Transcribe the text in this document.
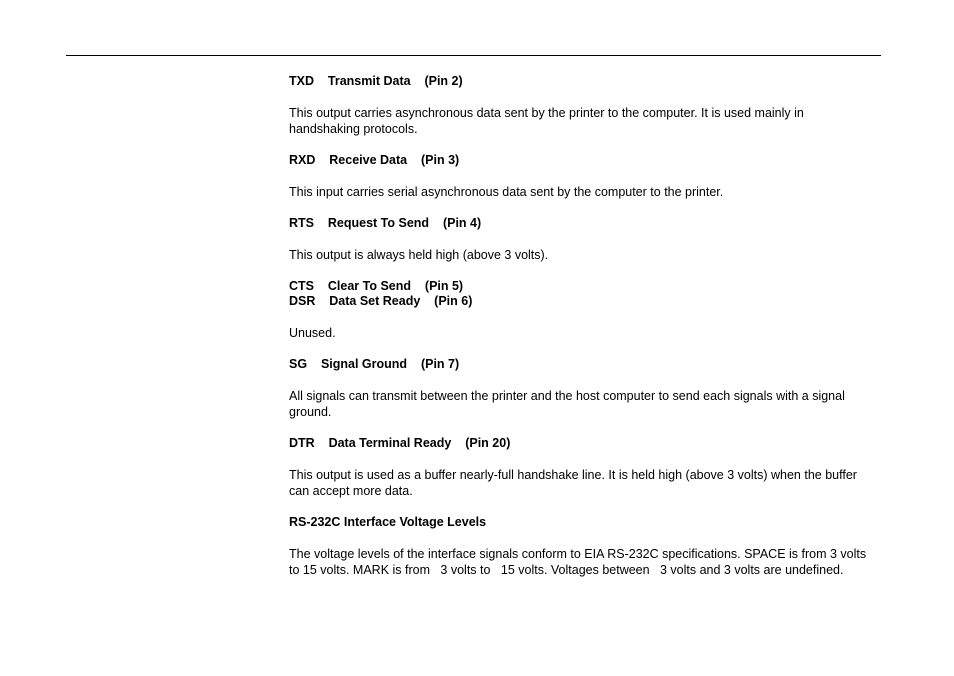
TXD    Transmit Data    (Pin 2)
This output carries asynchronous data sent by the printer to the computer. It is used mainly in handshaking protocols.
RXD    Receive Data    (Pin 3)
This input carries serial asynchronous data sent by the computer to the printer.
RTS    Request To Send    (Pin 4)
This output is always held high (above 3 volts).
CTS    Clear To Send    (Pin 5)
DSR    Data Set Ready    (Pin 6)
Unused.
SG    Signal Ground    (Pin 7)
All signals can transmit between the printer and the host computer to send each signals with a signal ground.
DTR    Data Terminal Ready    (Pin 20)
This output is used as a buffer nearly-full handshake line. It is held high (above 3 volts) when the buffer can accept more data.
RS-232C Interface Voltage Levels
The voltage levels of the interface signals conform to EIA RS-232C specifications. SPACE is from 3 volts to 15 volts. MARK is from   3 volts to   15 volts. Voltages between   3 volts and 3 volts are undefined.
